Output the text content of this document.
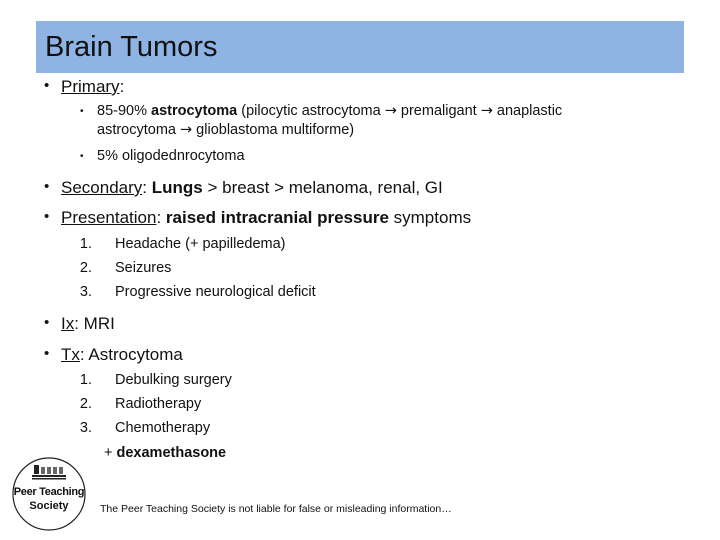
Brain Tumors
• Primary:
• 85-90% astrocytoma (pilocytic astrocytoma → premaligant → anaplastic
astrocytoma → glioblastoma multiforme)
• 5% oligodednrocytoma
• Secondary: Lungs > breast > melanoma, renal, GI
• Presentation: raised intracranial pressure symptoms
1. Headache (+ papilledema)
2. Seizures
3. Progressive neurological deficit
• Ix: MRI
• Tx: Astrocytoma
1. Debulking surgery
2. Radiotherapy
3. Chemotherapy
+ dexamethasone
Peer Teaching
Society	The Peer Teaching Society is not liable for false or misleading information…
